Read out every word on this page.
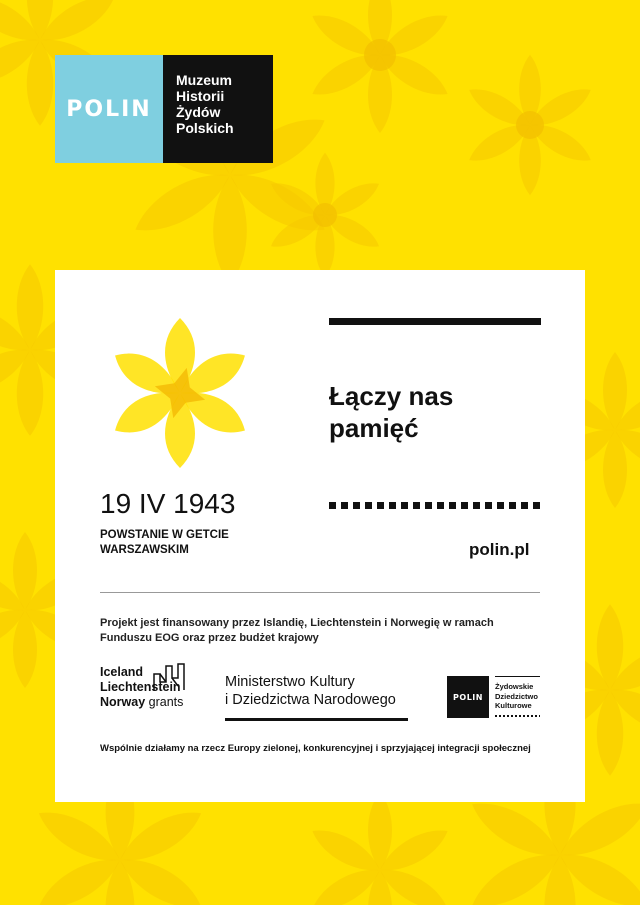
POLIN
Muzeum
Historii
Żydów
Polskich
19 IV 1943
POWSTANIE W GETCIE
WARSZAWSKIM
Łączy nas
pamięć
polin.pl
Projekt jest finansowany przez Islandię, Liechtenstein i Norwegię w ramach
Funduszu EOG oraz przez budżet krajowy
Iceland
Liechtenstein
Norway grants
Ministerstwo Kultury
i Dziedzictwa Narodowego	POLIN
Żydowskie
Dziedzictwo
Kulturowe
Wspólnie działamy na rzecz Europy zielonej, konkurencyjnej i sprzyjającej integracji społecznej
